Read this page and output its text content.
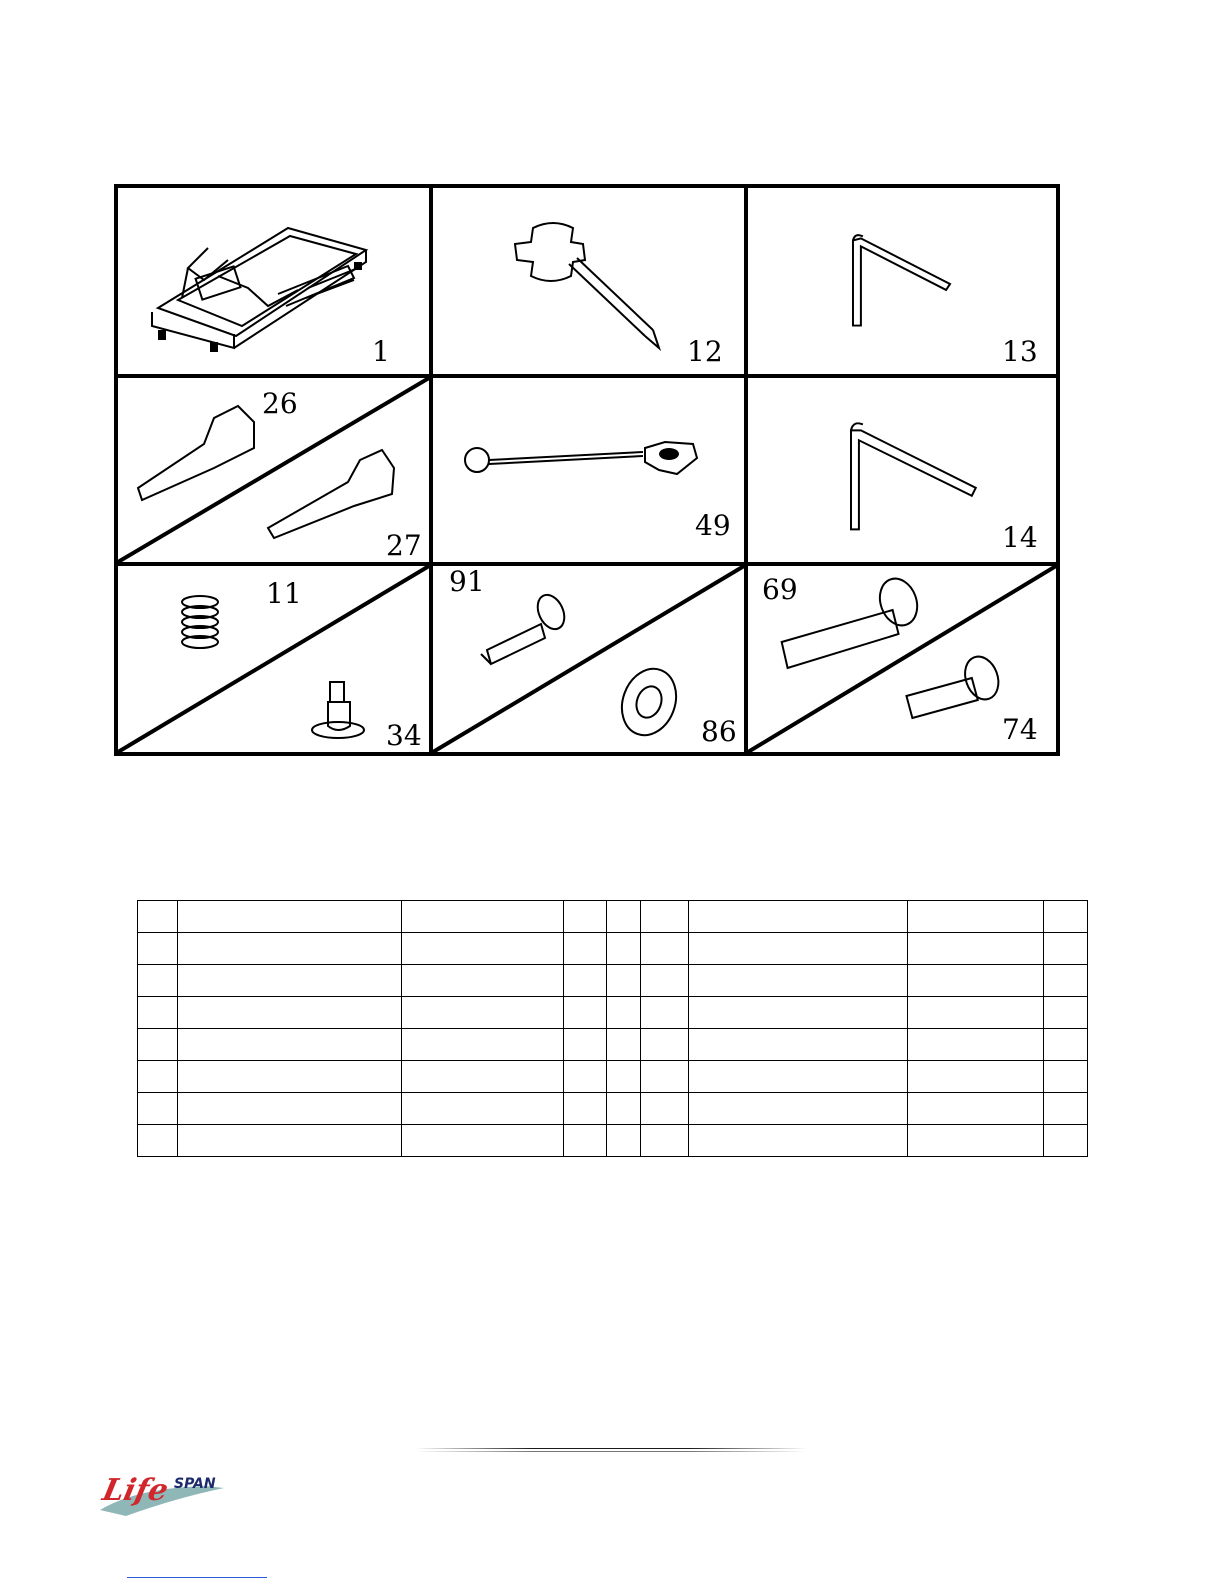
1	12	13
26
27
49	14
11
34
91
86
69
74

Life SPAN
